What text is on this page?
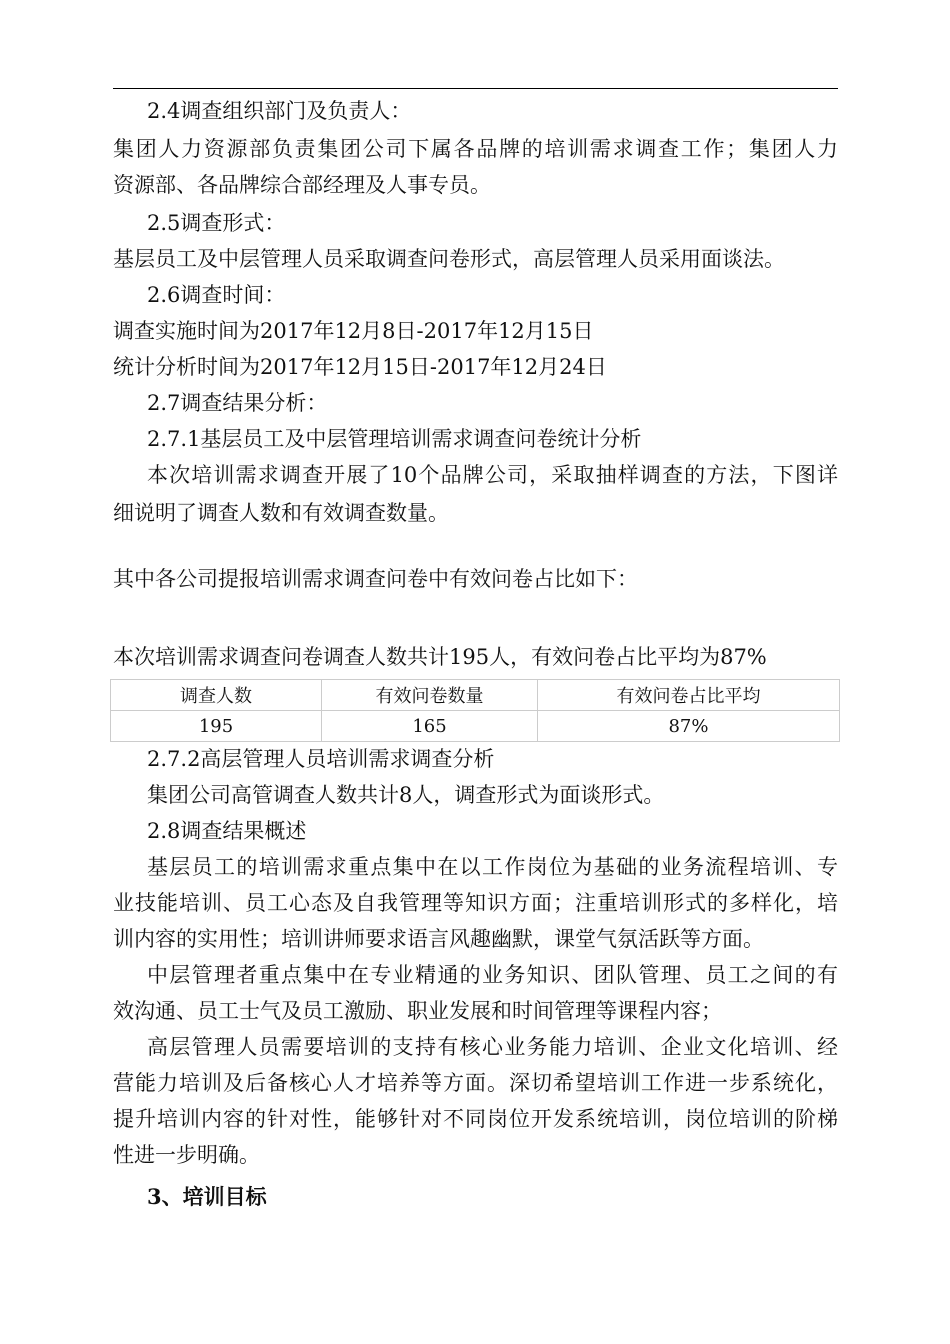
2.4调查组织部门及负责人：
集团人力资源部负责集团公司下属各品牌的培训需求调查工作；集团人力
资源部、各品牌综合部经理及人事专员。
2.5调查形式：
基层员工及中层管理人员采取调查问卷形式，高层管理人员采用面谈法。
2.6调查时间：
调查实施时间为2017年12月8日-2017年12月15日
统计分析时间为2017年12月15日-2017年12月24日
2.7调查结果分析：
2.7.1基层员工及中层管理培训需求调查问卷统计分析
本次培训需求调查开展了10个品牌公司，采取抽样调查的方法，下图详
细说明了调查人数和有效调查数量。
其中各公司提报培训需求调查问卷中有效问卷占比如下：
本次培训需求调查问卷调查人数共计195人，有效问卷占比平均为87%
调查人数	有效问卷数量	有效问卷占比平均
195	165	87%
2.7.2高层管理人员培训需求调查分析
集团公司高管调查人数共计8人，调查形式为面谈形式。
2.8调查结果概述
基层员工的培训需求重点集中在以工作岗位为基础的业务流程培训、专
业技能培训、员工心态及自我管理等知识方面；注重培训形式的多样化，培
训内容的实用性；培训讲师要求语言风趣幽默，课堂气氛活跃等方面。
中层管理者重点集中在专业精通的业务知识、团队管理、员工之间的有
效沟通、员工士气及员工激励、职业发展和时间管理等课程内容；
高层管理人员需要培训的支持有核心业务能力培训、企业文化培训、经
营能力培训及后备核心人才培养等方面。深切希望培训工作进一步系统化，
提升培训内容的针对性，能够针对不同岗位开发系统培训，岗位培训的阶梯
性进一步明确。
3、培训目标
